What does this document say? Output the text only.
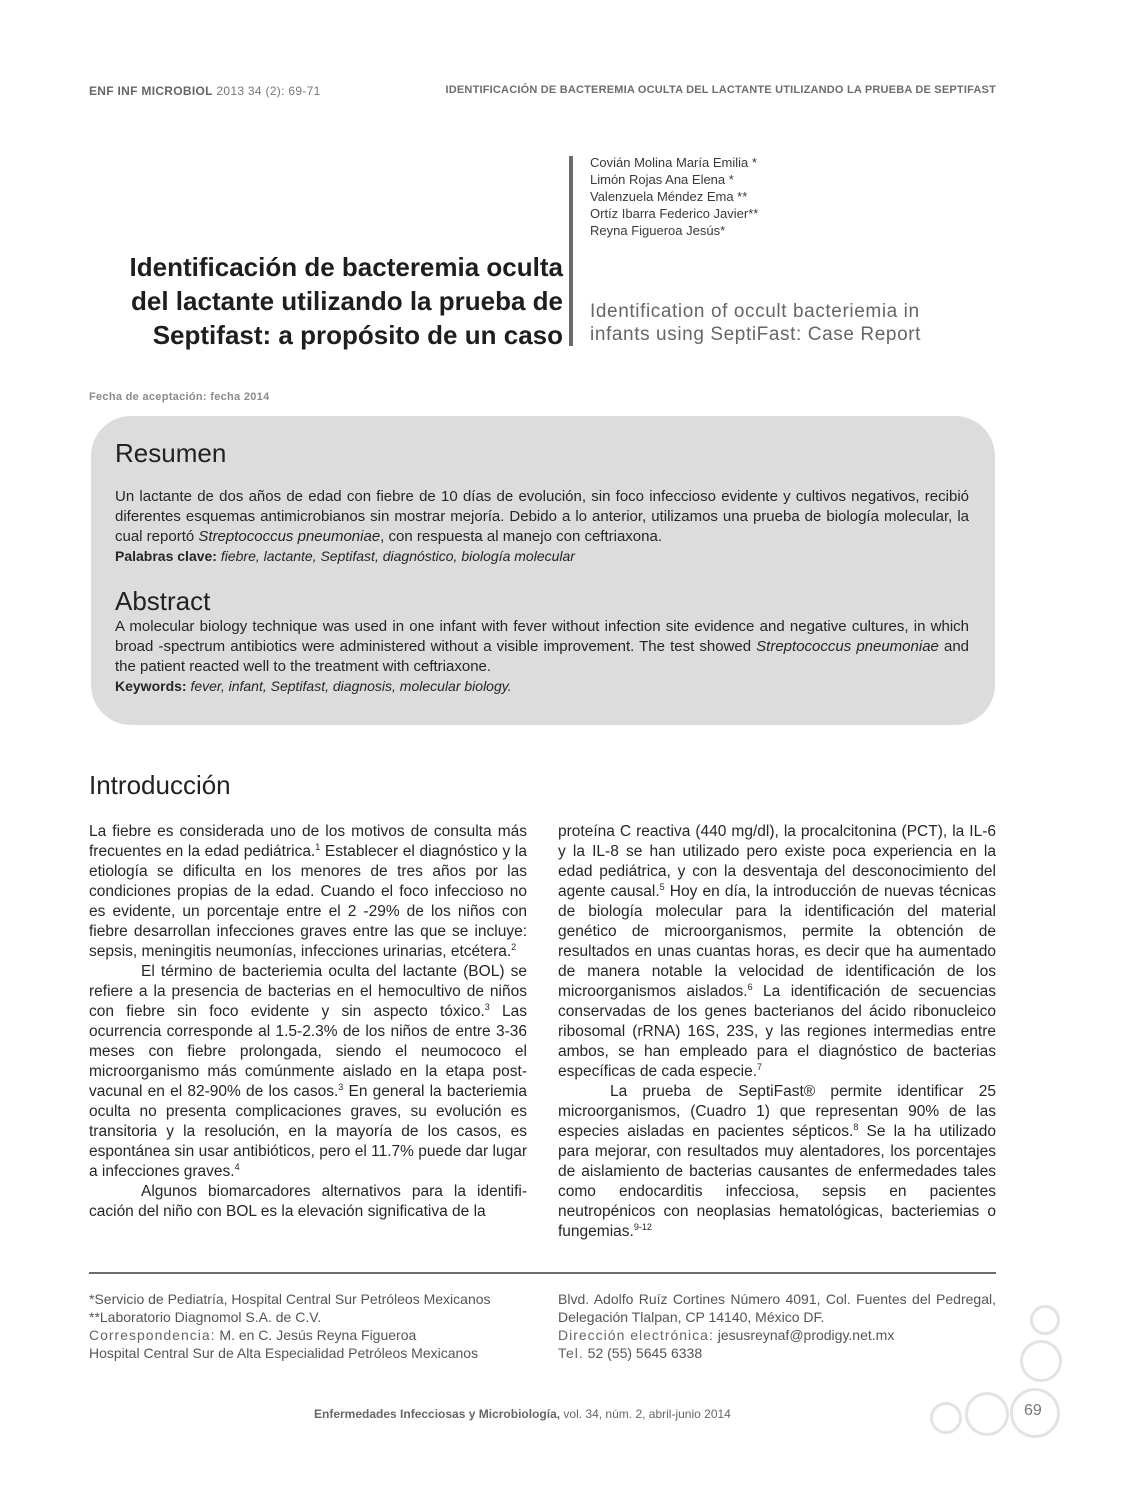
ENF INF MICROBIOL 2013 34 (2): 69-71	IDENTIFICACIÓN DE BACTEREMIA OCULTA DEL LACTANTE UTILIZANDO LA PRUEBA DE SEPTIFAST
Covián Molina María Emilia *
Limón Rojas Ana Elena *
Valenzuela Méndez Ema **
Ortíz Ibarra Federico Javier**
Reyna Figueroa Jesús*
Identificación de bacteremia oculta
del lactante utilizando la prueba de
Septifast: a propósito de un caso
Identification of occult bacteriemia in
infants using SeptiFast: Case Report
Fecha de aceptación: fecha 2014
Resumen

Un lactante de dos años de edad con fiebre de 10 días de evolución, sin foco infeccioso evidente y cultivos negativos, recibió diferentes esquemas antimicrobianos sin mostrar mejoría. Debido a lo anterior, utilizamos una prueba de biología molecular, la cual reportó Streptococcus pneumoniae, con respuesta al manejo con ceftriaxona.

Palabras clave: fiebre, lactante, Septifast, diagnóstico, biología molecular
Abstract

A molecular biology technique was used in one infant with fever without infection site evidence and negative cultures, in which broad -spectrum antibiotics were administered without a visible improvement. The test showed Streptococcus pneumoniae and the patient reacted well to the treatment with ceftriaxone.

Keywords: fever, infant, Septifast, diagnosis, molecular biology.
Introducción

La fiebre es considerada uno de los motivos de consulta más frecuentes en la edad pediátrica.$^1$ Establecer el diagnóstico y la etiología se dificulta en los menores de tres años por las condiciones propias de la edad. Cuando el foco infeccioso no es evidente, un porcentaje entre el 2 -29% de los niños con fiebre desarrollan infecciones graves entre las que se incluye: sepsis, meningitis neumonías, infecciones urinarias, etcétera.$^2$

El término de bacteriemia oculta del lactante (BOL) se refiere a la presencia de bacterias en el hemocultivo de niños con fiebre sin foco evidente y sin aspecto tóxico.$^3$ Las ocurrencia corresponde al 1.5-2.3% de los niños de entre 3-36 meses con fiebre prolongada, siendo el neumococo el microorganismo más comúnmente aislado en la etapa post-vacunal en el 82-90% de los casos.$^3$ En general la bacteriemia oculta no presenta complicaciones graves, su evolución es transitoria y la resolución, en la mayoría de los casos, es espontánea sin usar antibióticos, pero el 11.7% puede dar lugar a infecciones graves.$^4$

Algunos biomarcadores alternativos para la identificación del niño con BOL es la elevación significativa de la

proteína C reactiva (440 mg/dl), la procalcitonina (PCT), la IL-6 y la IL-8 se han utilizado pero existe poca experiencia en la edad pediátrica, y con la desventaja del desconocimiento del agente causal.$^5$ Hoy en día, la introducción de nuevas técnicas de biología molecular para la identificación del material genético de microorganismos, permite la obtención de resultados en unas cuantas horas, es decir que ha aumentado de manera notable la velocidad de identificación de los microorganismos aislados.$^6$ La identificación de secuencias conservadas de los genes bacterianos del ácido ribonucleico ribosomal (rRNA) 16S, 23S, y las regiones intermedias entre ambos, se han empleado para el diagnóstico de bacterias específicas de cada especie.$^7$

La prueba de SeptiFast® permite identificar 25 microorganismos, (Cuadro 1) que representan 90% de las especies aisladas en pacientes sépticos.$^8$ Se la ha utilizado para mejorar, con resultados muy alentadores, los porcentajes de aislamiento de bacterias causantes de enfermedades tales como endocarditis infecciosa, sepsis en pacientes neutropénicos con neoplasias hematológicas, bacteriemias o fungemias.$^{9-12}$

*Servicio de Pediatría, Hospital Central Sur Petróleos Mexicanos
**Laboratorio Diagnomol S.A. de C.V.
Correspondencia: M. en C. Jesús Reyna Figueroa
Hospital Central Sur de Alta Especialidad Petróleos Mexicanos
Blvd. Adolfo Ruíz Cortines Número 4091, Col. Fuentes del Pedregal, Delegación Tlalpan, CP 14140, México DF.
Dirección electrónica: jesusreynaf@prodigy.net.mx
Tel. 52 (55) 5645 6338
Enfermedades Infecciosas y Microbiología, vol. 34, núm. 2, abril-junio 2014	69
